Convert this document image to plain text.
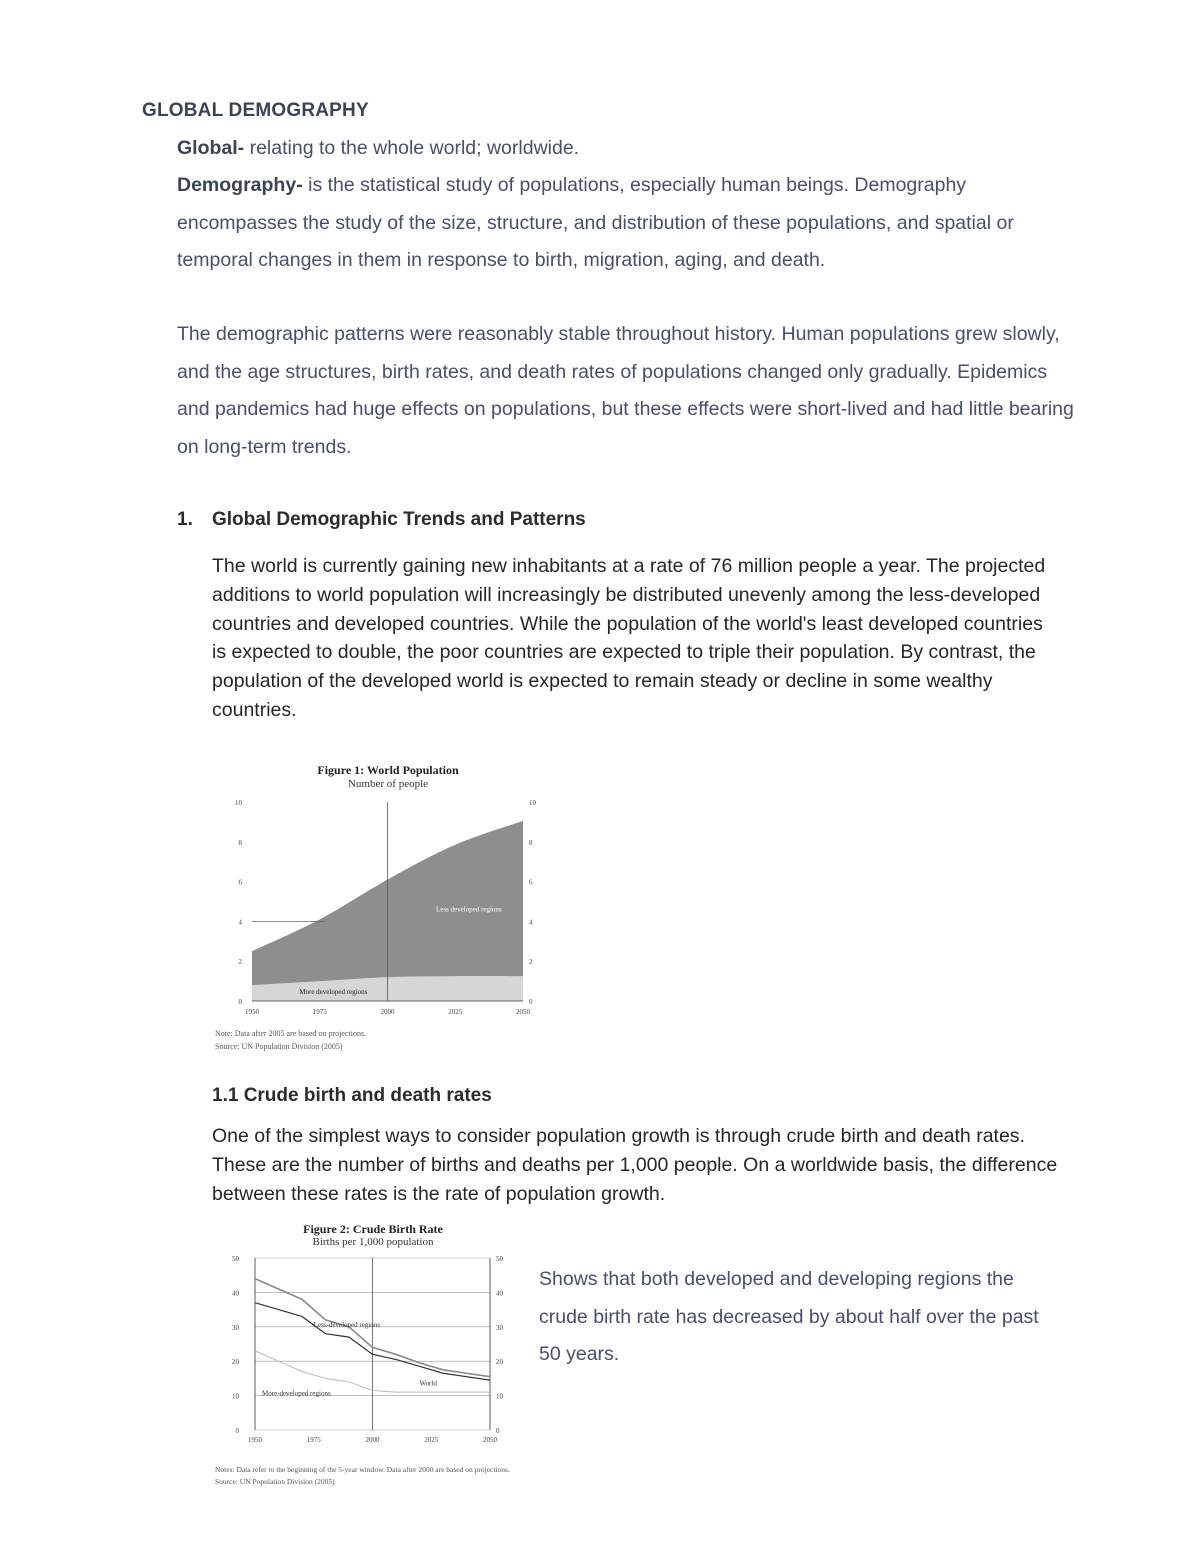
GLOBAL DEMOGRAPHY
Global- relating to the whole world; worldwide.
Demography- is the statistical study of populations, especially human beings. Demography encompasses the study of the size, structure, and distribution of these populations, and spatial or temporal changes in them in response to birth, migration, aging, and death.
The demographic patterns were reasonably stable throughout history. Human populations grew slowly, and the age structures, birth rates, and death rates of populations changed only gradually. Epidemics and pandemics had huge effects on populations, but these effects were short-lived and had little bearing on long-term trends.
1. Global Demographic Trends and Patterns
The world is currently gaining new inhabitants at a rate of 76 million people a year. The projected additions to world population will increasingly be distributed unevenly among the less-developed countries and developed countries. While the population of the world's least developed countries is expected to double, the poor countries are expected to triple their population. By contrast, the population of the developed world is expected to remain steady or decline in some wealthy countries.
Figure 1: World Population
Number of people
0	0
2	2
4	4
6	6
8	8
10	10
1950	1975	2000	2025	2050
Less developed regions
More developed regions
Note: Data after 2005 are based on projections.
Source: UN Population Division (2005)
1.1 Crude birth and death rates
One of the simplest ways to consider population growth is through crude birth and death rates. These are the number of births and deaths per 1,000 people. On a worldwide basis, the difference between these rates is the rate of population growth.
Figure 2: Crude Birth Rate
Births per 1,000 population
0	0
10	10
20	20
30	30
40	40
50	50
1950	1975	2000	2025	2050
Less-developed regions
World
More-developed regions
Notes: Data refer to the beginning of the 5-year window. Data after 2000 are based on projections.
Source: UN Population Division (2005)
Shows that both developed and developing regions the crude birth rate has decreased by about half over the past 50 years.
